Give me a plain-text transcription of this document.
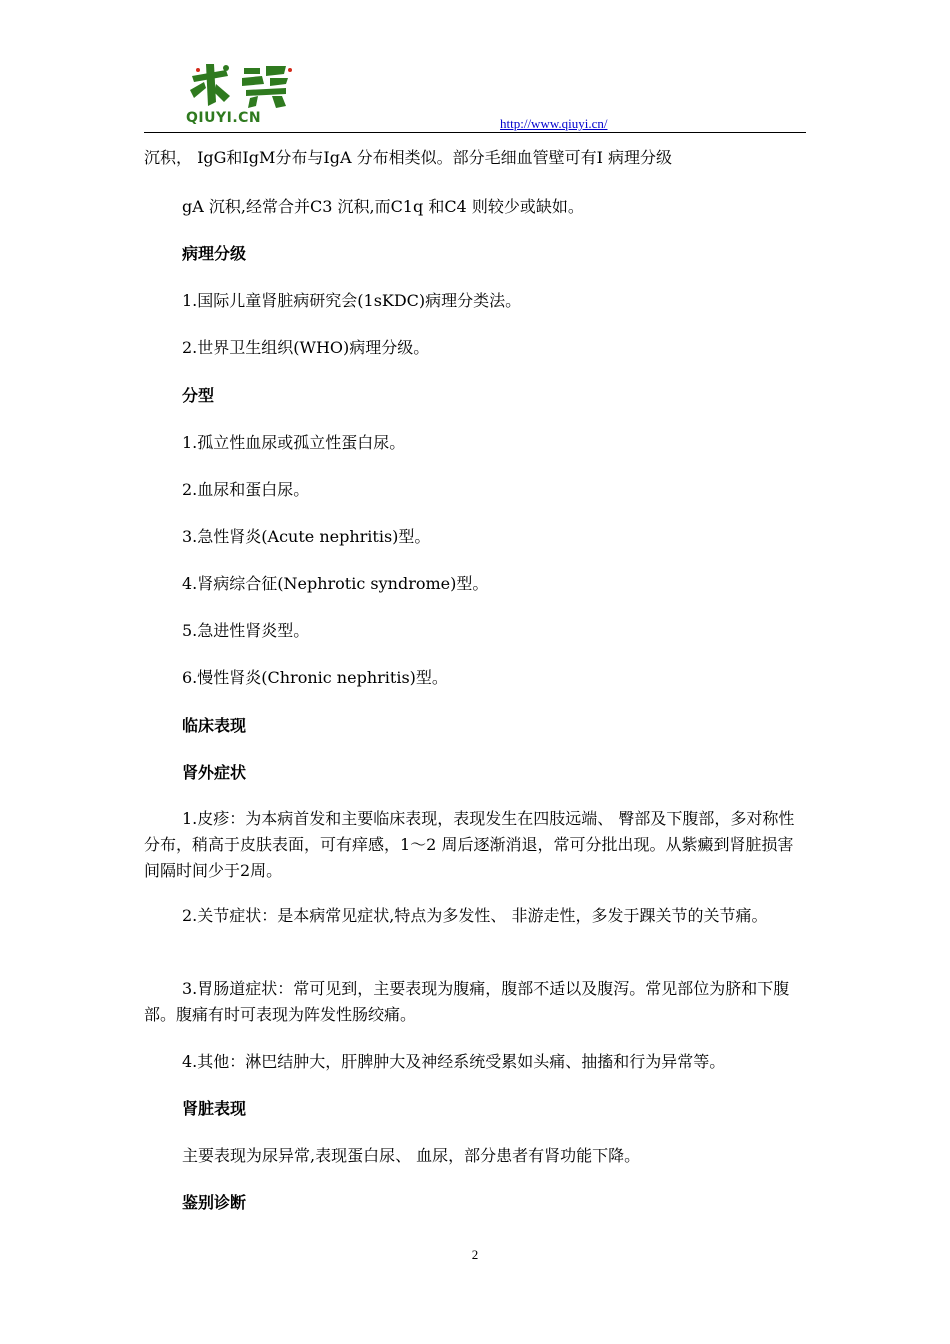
QIUYI.CN	http://www.qiuyi.cn/
沉积， IgG和IgM分布与IgA 分布相类似。部分毛细血管壁可有I 病理分级
gA 沉积,经常合并C3 沉积,而C1q 和C4 则较少或缺如。
病理分级
1.国际儿童肾脏病研究会(1sKDC)病理分类法。
2.世界卫生组织(WHO)病理分级。
分型
1.孤立性血尿或孤立性蛋白尿。
2.血尿和蛋白尿。
3.急性肾炎(Acute nephritis)型。
4.肾病综合征(Nephrotic syndrome)型。
5.急进性肾炎型。
6.慢性肾炎(Chronic nephritis)型。
临床表现
肾外症状
1.皮疹：为本病首发和主要临床表现，表现发生在四肢远端、 臀部及下腹部，多对称性分布，稍高于皮肤表面，可有痒感，1～2 周后逐渐消退，常可分批出现。从紫癜到肾脏损害间隔时间少于2周。
2.关节症状：是本病常见症状,特点为多发性、 非游走性，多发于踝关节的关节痛。
3.胃肠道症状：常可见到，主要表现为腹痛，腹部不适以及腹泻。常见部位为脐和下腹部。腹痛有时可表现为阵发性肠绞痛。
4.其他：淋巴结肿大，肝脾肿大及神经系统受累如头痛、抽搐和行为异常等。
肾脏表现
主要表现为尿异常,表现蛋白尿、 血尿，部分患者有肾功能下降。
鉴别诊断
2
